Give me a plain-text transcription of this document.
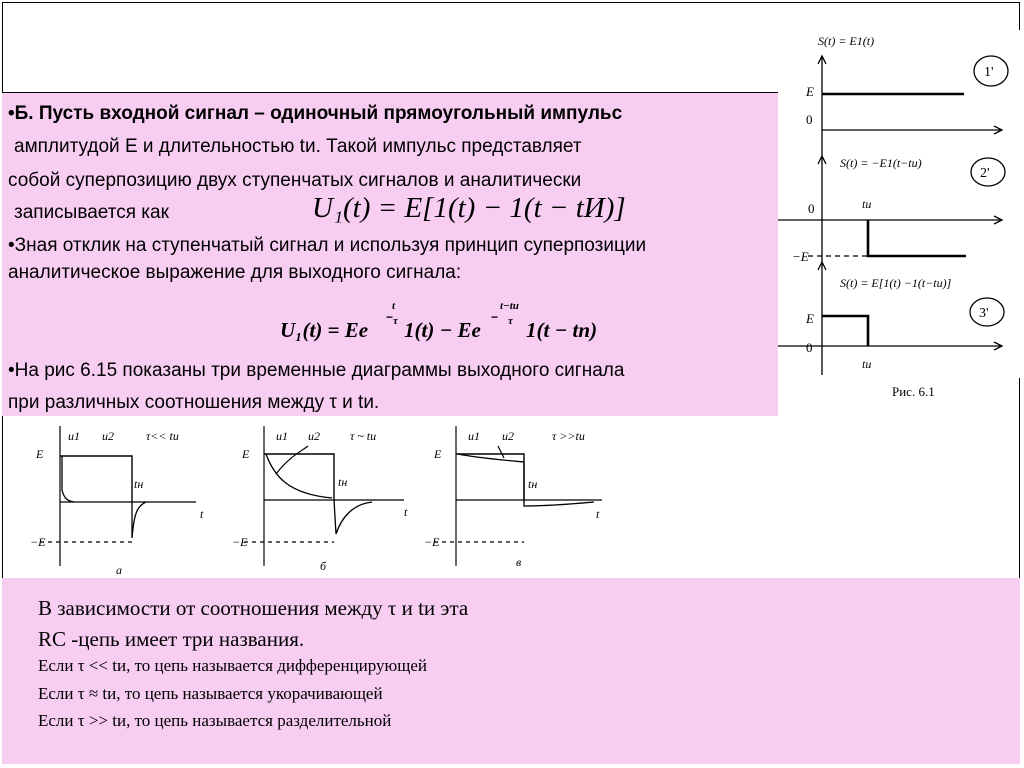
•Б. Пусть входной сигнал – одиночный прямоугольный импульс
амплитудой Е и длительностью tи. Такой импульс представляет
собой суперпозицию двух ступенчатых сигналов и аналитически
записывается как	U₁(t) = E[1(t) − 1(t − tИ)]
•Зная отклик на ступенчатый сигнал и используя принцип суперпозиции
аналитическое выражение для выходного сигнала:
U₁(t) = Ee
t
− τ 1(t) − Ee
t−tи
− τ 1(t − tп)
•На рис 6.15 показаны три временные диаграммы выходного сигнала
при различных соотношения между τ и tи.
S(t) = E1(t)
1'
E
0
S(t) = −E1(t−tи)
2'
0	tи
−E
S(t) = E[1(t) −1(t−tи)]
3'
E
0
tи
Рис. 6.1
u1 u2	τ<< tи
E
−E
tн
t
а
u1 u2	τ ~ tи
E
−E
tн
t
б
u1 u2	τ >>tи
E
−E
tн
t
в
В зависимости от соотношения между τ и tи эта
RC -цепь имеет три названия.
Если τ << tи, то цепь называется дифференцирующей
Если τ ≈ tи, то цепь называется укорачивающей
Если τ >> tи, то цепь называется разделительной
